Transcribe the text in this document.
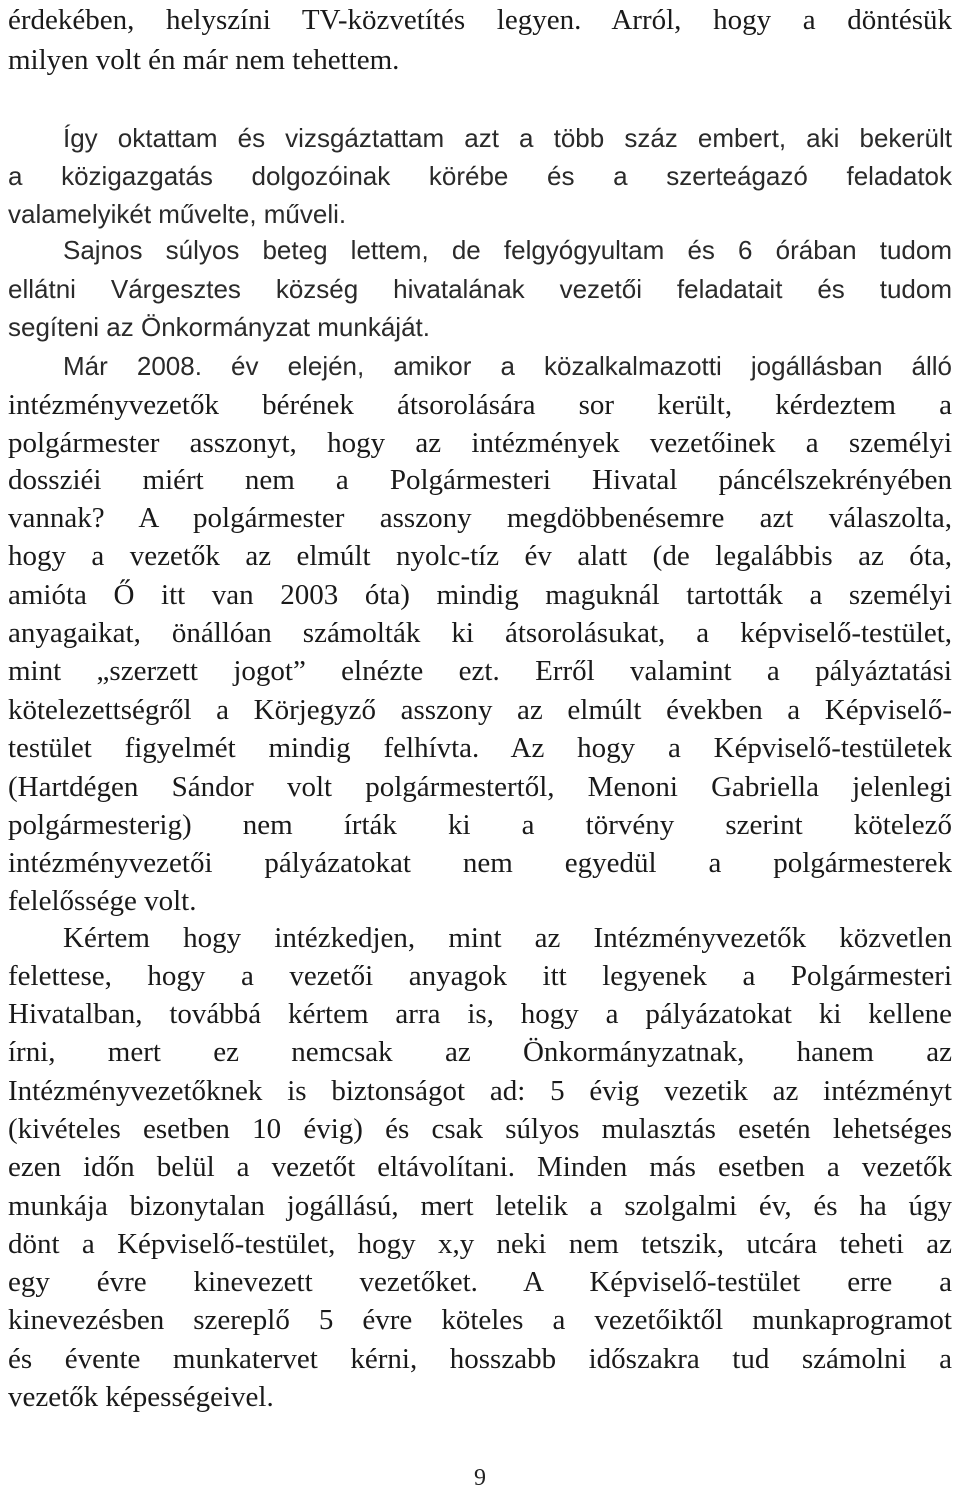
érdekében, helyszíni TV-közvetítés legyen. Arról, hogy a döntésük
milyen volt én már nem tehettem.
Így oktattam és vizsgáztattam azt a több száz embert, aki bekerült
a közigazgatás dolgozóinak körébe és a szerteágazó feladatok
valamelyikét művelte, műveli.
Sajnos súlyos beteg lettem, de felgyógyultam és 6 órában tudom
ellátni Várgesztes község hivatalának vezetői feladatait és tudom
segíteni az Önkormányzat munkáját.
Már 2008. év elején, amikor a közalkalmazotti jogállásban álló
intézményvezetők bérének átsorolására sor került, kérdeztem a
polgármester asszonyt, hogy az intézmények vezetőinek a személyi
dossziéi miért nem a Polgármesteri Hivatal páncélszekrényében
vannak? A polgármester asszony megdöbbenésemre azt válaszolta,
hogy a vezetők az elmúlt nyolc-tíz év alatt (de legalábbis az óta,
amióta Ő itt van 2003 óta) mindig maguknál tartották a személyi
anyagaikat, önállóan számolták ki átsorolásukat, a képviselő-testület,
mint „szerzett jogot” elnézte ezt. Erről valamint a pályáztatási
kötelezettségről a Körjegyző asszony az elmúlt években a Képviselő-
testület figyelmét mindig felhívta. Az hogy a Képviselő-testületek
(Hartdégen Sándor volt polgármestertől, Menoni Gabriella jelenlegi
polgármesterig) nem írták ki a törvény szerint kötelező
intézményvezetői pályázatokat nem egyedül a polgármesterek
felelőssége volt.
Kértem hogy intézkedjen, mint az Intézményvezetők közvetlen
felettese, hogy a vezetői anyagok itt legyenek a Polgármesteri
Hivatalban, továbbá kértem arra is, hogy a pályázatokat ki kellene
írni, mert ez nemcsak az Önkormányzatnak, hanem az
Intézményvezetőknek is biztonságot ad: 5 évig vezetik az intézményt
(kivételes esetben 10 évig) és csak súlyos mulasztás esetén lehetséges
ezen időn belül a vezetőt eltávolítani. Minden más esetben a vezetők
munkája bizonytalan jogállású, mert letelik a szolgalmi év, és ha úgy
dönt a Képviselő-testület, hogy x,y neki nem tetszik, utcára teheti az
egy évre kinevezett vezetőket. A Képviselő-testület erre a
kinevezésben szereplő 5 évre köteles a vezetőiktől munkaprogramot
és évente munkatervet kérni, hosszabb időszakra tud számolni a
vezetők képességeivel.
9
